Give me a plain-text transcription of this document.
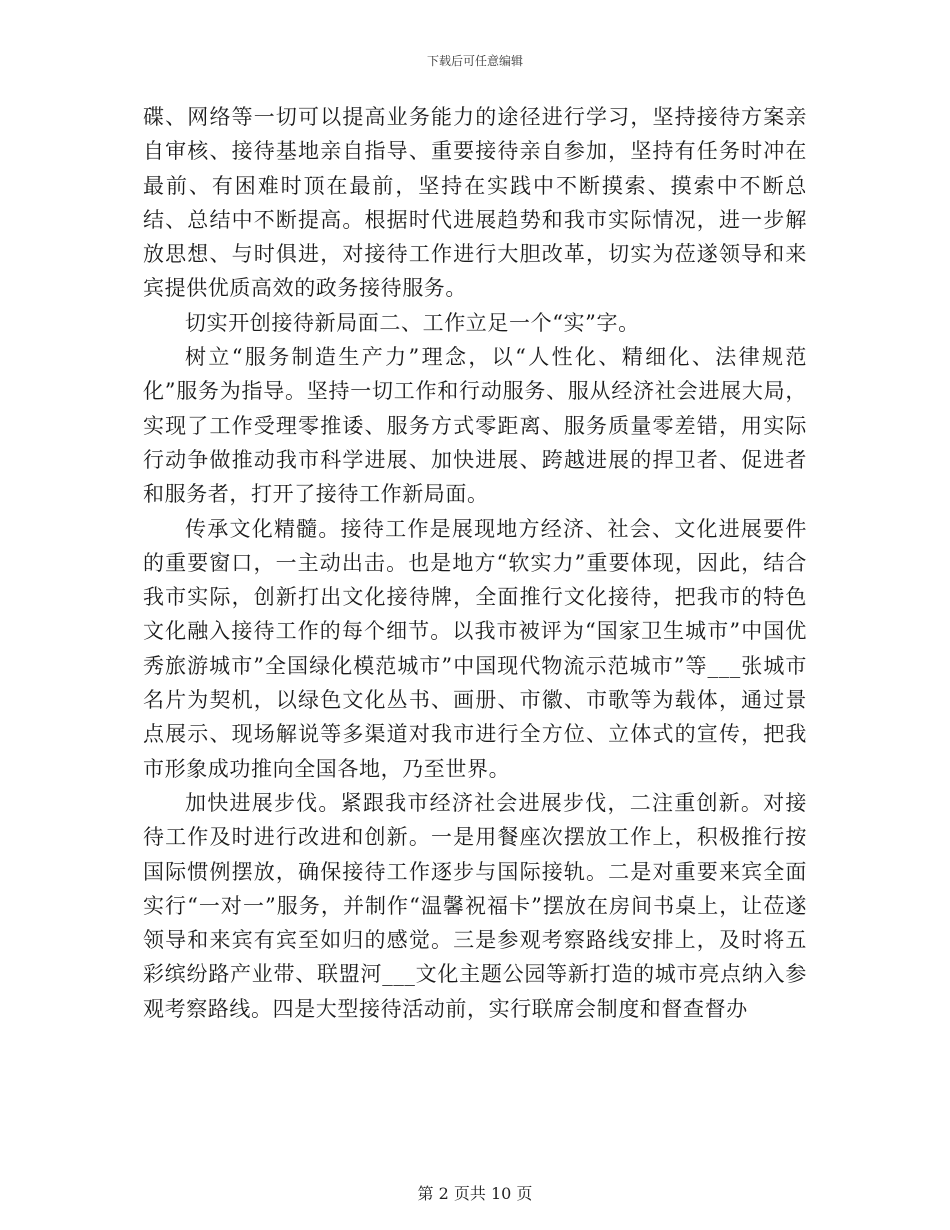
下载后可任意编辑

碟、网络等一切可以提高业务能力的途径进行学习，坚持接待方案亲自审核、接待基地亲自指导、重要接待亲自参加，坚持有任务时冲在最前、有困难时顶在最前，坚持在实践中不断摸索、摸索中不断总结、总结中不断提高。根据时代进展趋势和我市实际情况，进一步解放思想、与时俱进，对接待工作进行大胆改革，切实为莅遂领导和来宾提供优质高效的政务接待服务。

切实开创接待新局面二、工作立足一个“实”字。

树立“服务制造生产力”理念，以“人性化、精细化、法律规范化”服务为指导。坚持一切工作和行动服务、服从经济社会进展大局，实现了工作受理零推诿、服务方式零距离、服务质量零差错，用实际行动争做推动我市科学进展、加快进展、跨越进展的捍卫者、促进者和服务者，打开了接待工作新局面。

传承文化精髓。接待工作是展现地方经济、社会、文化进展要件的重要窗口，一主动出击。也是地方“软实力”重要体现，因此，结合我市实际，创新打出文化接待牌，全面推行文化接待，把我市的特色文化融入接待工作的每个细节。以我市被评为“国家卫生城市”中国优秀旅游城市”全国绿化模范城市”中国现代物流示范城市”等___张城市名片为契机，以绿色文化丛书、画册、市徽、市歌等为载体，通过景点展示、现场解说等多渠道对我市进行全方位、立体式的宣传，把我市形象成功推向全国各地，乃至世界。

加快进展步伐。紧跟我市经济社会进展步伐，二注重创新。对接待工作及时进行改进和创新。一是用餐座次摆放工作上，积极推行按国际惯例摆放，确保接待工作逐步与国际接轨。二是对重要来宾全面实行“一对一”服务，并制作“温馨祝福卡”摆放在房间书桌上，让莅遂领导和来宾有宾至如归的感觉。三是参观考察路线安排上，及时将五彩缤纷路产业带、联盟河___文化主题公园等新打造的城市亮点纳入参观考察路线。四是大型接待活动前，实行联席会制度和督查督办

第 2 页共 10 页
